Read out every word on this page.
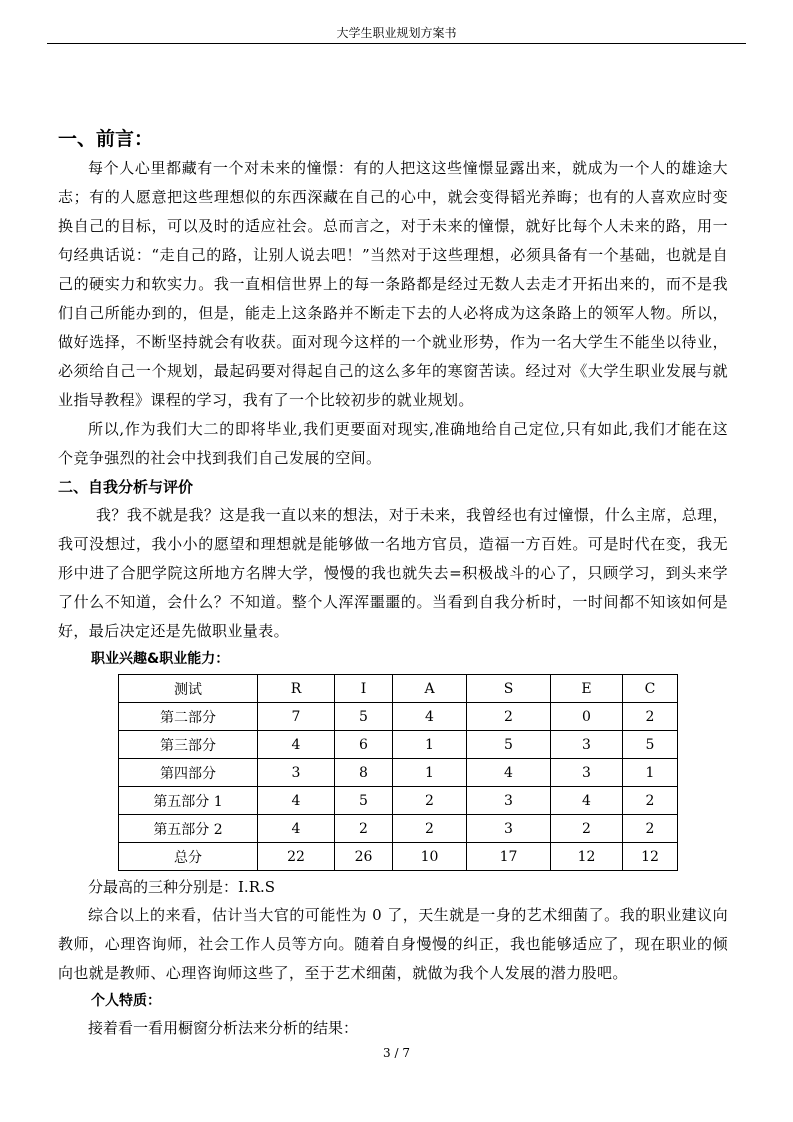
大学生职业规划方案书
一、前言：

每个人心里都藏有一个对未来的憧憬：有的人把这这些憧憬显露出来，就成为一个人的雄途大志；有的人愿意把这些理想似的东西深藏在自己的心中，就会变得韬光养晦；也有的人喜欢应时变换自己的目标，可以及时的适应社会。总而言之，对于未来的憧憬，就好比每个人未来的路，用一句经典话说：“走自己的路，让别人说去吧！”当然对于这些理想，必须具备有一个基础，也就是自己的硬实力和软实力。我一直相信世界上的每一条路都是经过无数人去走才开拓出来的，而不是我们自己所能办到的，但是，能走上这条路并不断走下去的人必将成为这条路上的领军人物。所以，做好选择，不断坚持就会有收获。面对现今这样的一个就业形势，作为一名大学生不能坐以待业，必须给自己一个规划，最起码要对得起自己的这么多年的寒窗苦读。经过对《大学生职业发展与就业指导教程》课程的学习，我有了一个比较初步的就业规划。

所以,作为我们大二的即将毕业,我们更要面对现实,准确地给自己定位,只有如此,我们才能在这个竞争强烈的社会中找到我们自己发展的空间。

二、自我分析与评价

我？我不就是我？这是我一直以来的想法，对于未来，我曾经也有过憧憬，什么主席，总理，我可没想过，我小小的愿望和理想就是能够做一名地方官员，造福一方百姓。可是时代在变，我无形中进了合肥学院这所地方名牌大学，慢慢的我也就失去=积极战斗的心了，只顾学习，到头来学了什么不知道，会什么？不知道。整个人浑浑噩噩的。当看到自我分析时，一时间都不知该如何是好，最后决定还是先做职业量表。

职业兴趣&职业能力：

测试	R	I	A	S	E	C
第二部分	7	5	4	2	0	2
第三部分	4	6	1	5	3	5
第四部分	3	8	1	4	3	1
第五部分 1	4	5	2	3	4	2
第五部分 2	4	2	2	3	2	2
总分	22	26	10	17	12	12

分最高的三种分别是：I.R.S

综合以上的来看，估计当大官的可能性为 0 了，天生就是一身的艺术细菌了。我的职业建议向教师，心理咨询师，社会工作人员等方向。随着自身慢慢的纠正，我也能够适应了，现在职业的倾向也就是教师、心理咨询师这些了，至于艺术细菌，就做为我个人发展的潜力股吧。

个人特质：

接着看一看用橱窗分析法来分析的结果：

3 / 7
